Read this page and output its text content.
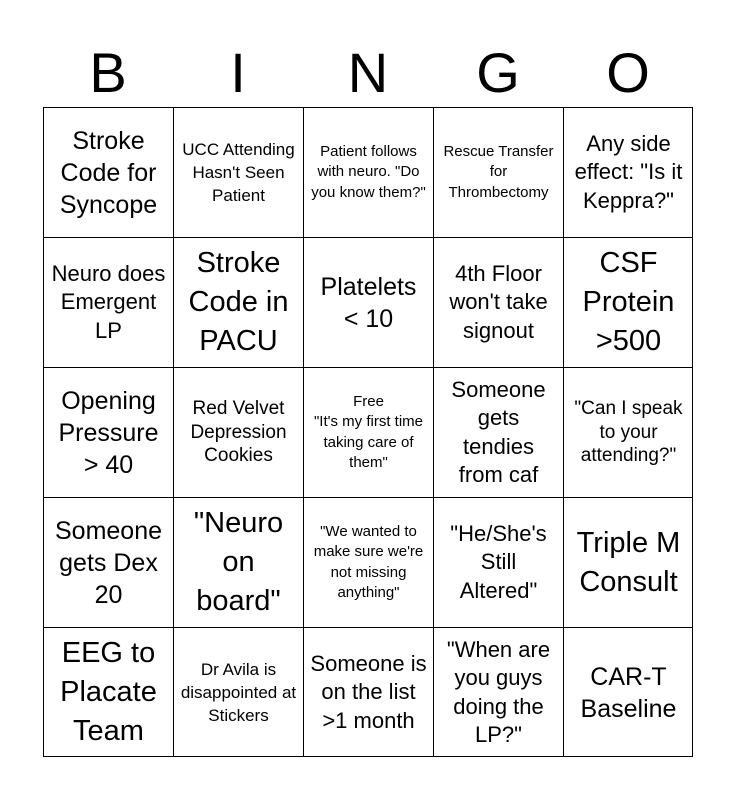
B	I	N	G	O
Stroke Code for Syncope
UCC Attending Hasn't Seen Patient
Patient follows with neuro. "Do you know them?"
Rescue Transfer for Thrombectomy
Any side effect: "Is it Keppra?"
Neuro does Emergent LP
Stroke Code in PACU
Platelets < 10
4th Floor won't take signout
CSF Protein >500
Opening Pressure > 40
Red Velvet Depression Cookies
Free
"It's my first time taking care of them"
Someone gets tendies from caf
"Can I speak to your attending?"
Someone gets Dex 20
"Neuro on board"
"We wanted to make sure we're not missing anything"
"He/She's Still Altered"
Triple M Consult
EEG to Placate Team
Dr Avila is disappointed at Stickers
Someone is on the list >1 month
"When are you guys doing the LP?"
CAR-T Baseline
